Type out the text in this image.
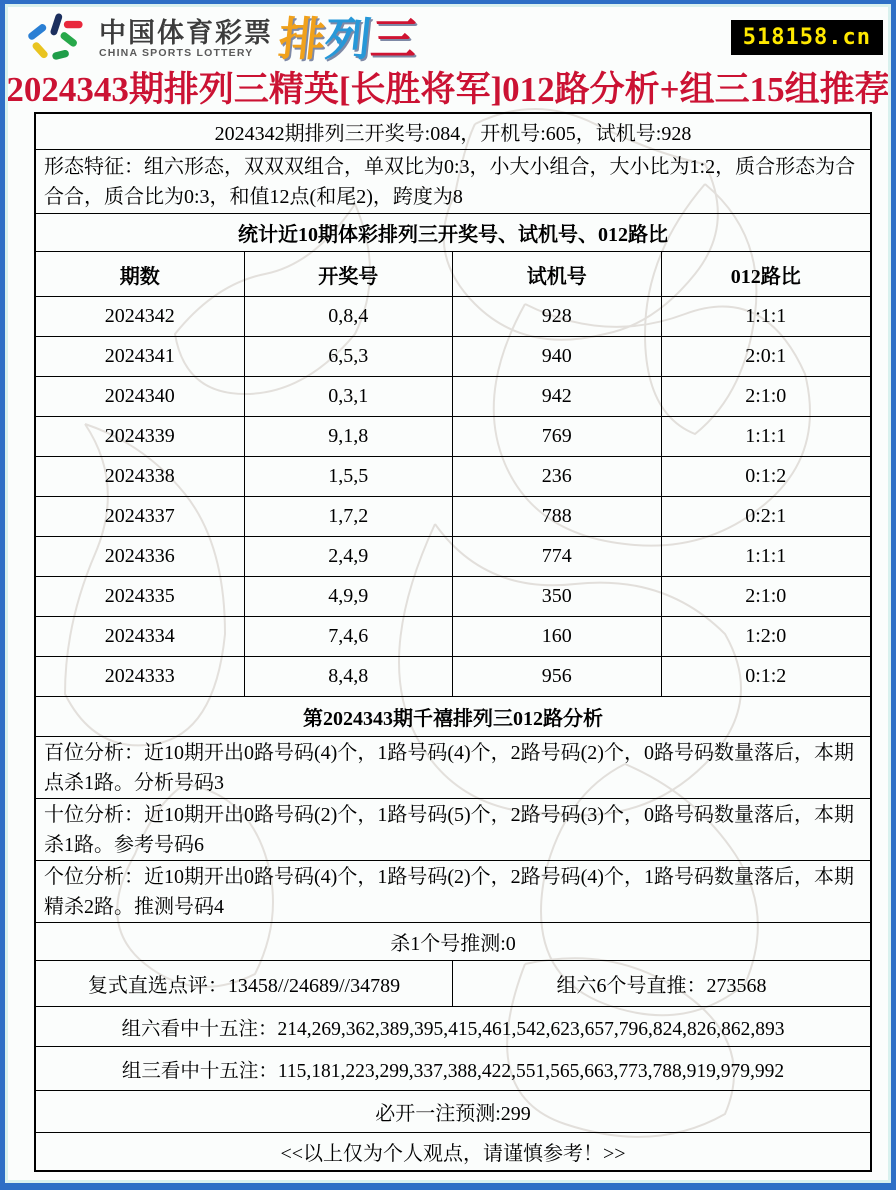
中国体育彩票
CHINA SPORTS LOTTERY 排列三	518158.cn
2024343期排列三精英[长胜将军]012路分析+组三15组推荐
2024342期排列三开奖号:084，开机号:605，试机号:928
形态特征：组六形态，双双双组合，单双比为0:3，小大小组合，大小比为1:2，质合形态为合合合，质合比为0:3，和值12点(和尾2)，跨度为8
统计近10期体彩排列三开奖号、试机号、012路比
期数	开奖号	试机号	012路比
2024342	0,8,4	928	1:1:1
2024341	6,5,3	940	2:0:1
2024340	0,3,1	942	2:1:0
2024339	9,1,8	769	1:1:1
2024338	1,5,5	236	0:1:2
2024337	1,7,2	788	0:2:1
2024336	2,4,9	774	1:1:1
2024335	4,9,9	350	2:1:0
2024334	7,4,6	160	1:2:0
2024333	8,4,8	956	0:1:2
第2024343期千禧排列三012路分析
百位分析：近10期开出0路号码(4)个，1路号码(4)个，2路号码(2)个，0路号码数量落后，本期点杀1路。分析号码3
十位分析：近10期开出0路号码(2)个，1路号码(5)个，2路号码(3)个，0路号码数量落后，本期杀1路。参考号码6
个位分析：近10期开出0路号码(4)个，1路号码(2)个，2路号码(4)个，1路号码数量落后，本期精杀2路。推测号码4
杀1个号推测:0
复式直选点评：13458//24689//34789	组六6个号直推：273568
组六看中十五注：214,269,362,389,395,415,461,542,623,657,796,824,826,862,893
组三看中十五注：115,181,223,299,337,388,422,551,565,663,773,788,919,979,992
必开一注预测:299
<<以上仅为个人观点，请谨慎参考！>>
